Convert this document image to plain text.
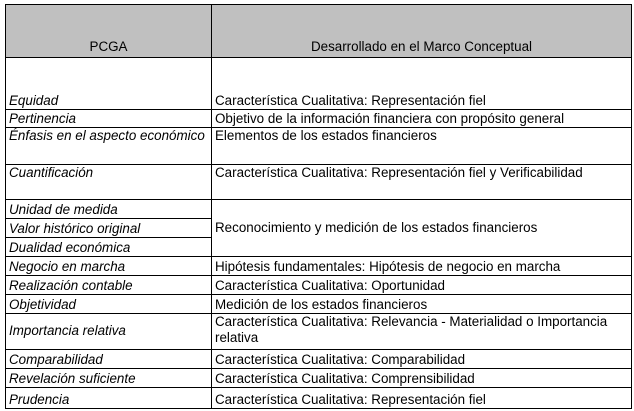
PCGA	Desarrollado en el Marco Conceptual
Equidad	Característica Cualitativa: Representación fiel
Pertinencia	Objetivo de la información financiera con propósito general
Énfasis en el aspecto económico	Elementos de los estados financieros
Cuantificación	Característica Cualitativa: Representación fiel y Verificabilidad
Unidad de medida	Reconocimiento y medición de los estados financieros
Valor histórico original	
Dualidad económica	
Negocio en marcha	Hipótesis fundamentales: Hipótesis de negocio en marcha
Realización contable	Característica Cualitativa: Oportunidad
Objetividad	Medición de los estados financieros
Importancia relativa	Característica Cualitativa: Relevancia - Materialidad o Importancia relativa
Comparabilidad	Característica Cualitativa: Comparabilidad
Revelación suficiente	Característica Cualitativa: Comprensibilidad
Prudencia	Característica Cualitativa: Representación fiel
